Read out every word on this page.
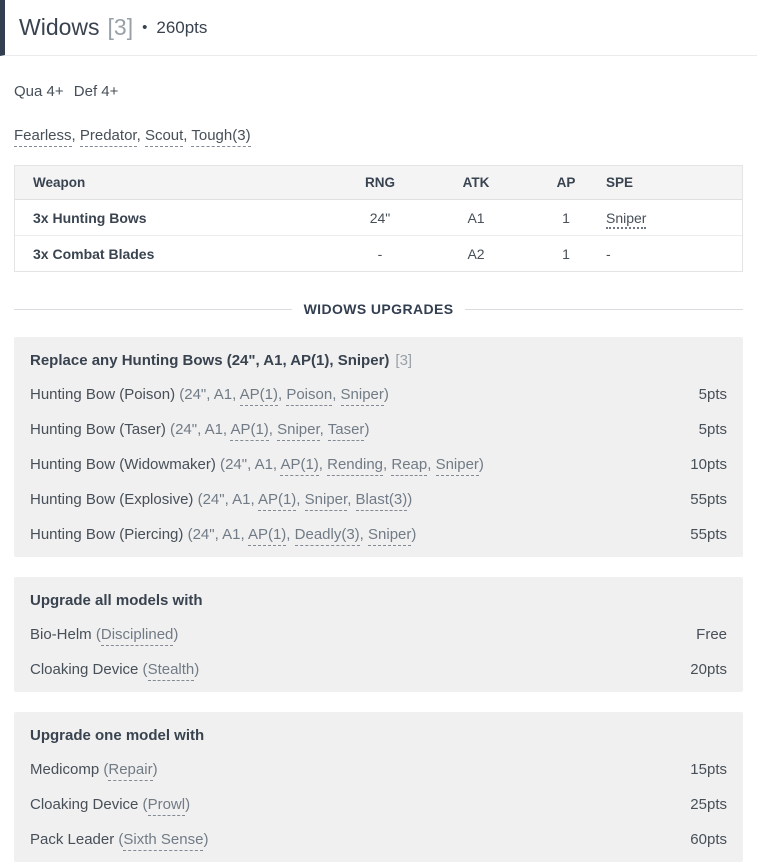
Widows [3] • 260pts
Qua 4+ Def 4+
Fearless, Predator, Scout, Tough(3)
Weapon	RNG	ATK	AP	SPE
3x Hunting Bows	24"	A1	1	Sniper
3x Combat Blades	-	A2	1	-
WIDOWS UPGRADES
Replace any Hunting Bows (24", A1, AP(1), Sniper) [3]
Hunting Bow (Poison) (24", A1, AP(1), Poison, Sniper)	5pts
Hunting Bow (Taser) (24", A1, AP(1), Sniper, Taser)	5pts
Hunting Bow (Widowmaker) (24", A1, AP(1), Rending, Reap, Sniper)	10pts
Hunting Bow (Explosive) (24", A1, AP(1), Sniper, Blast(3))	55pts
Hunting Bow (Piercing) (24", A1, AP(1), Deadly(3), Sniper)	55pts
Upgrade all models with
Bio-Helm (Disciplined)	Free
Cloaking Device (Stealth)	20pts
Upgrade one model with
Medicomp (Repair)	15pts
Cloaking Device (Prowl)	25pts
Pack Leader (Sixth Sense)	60pts
